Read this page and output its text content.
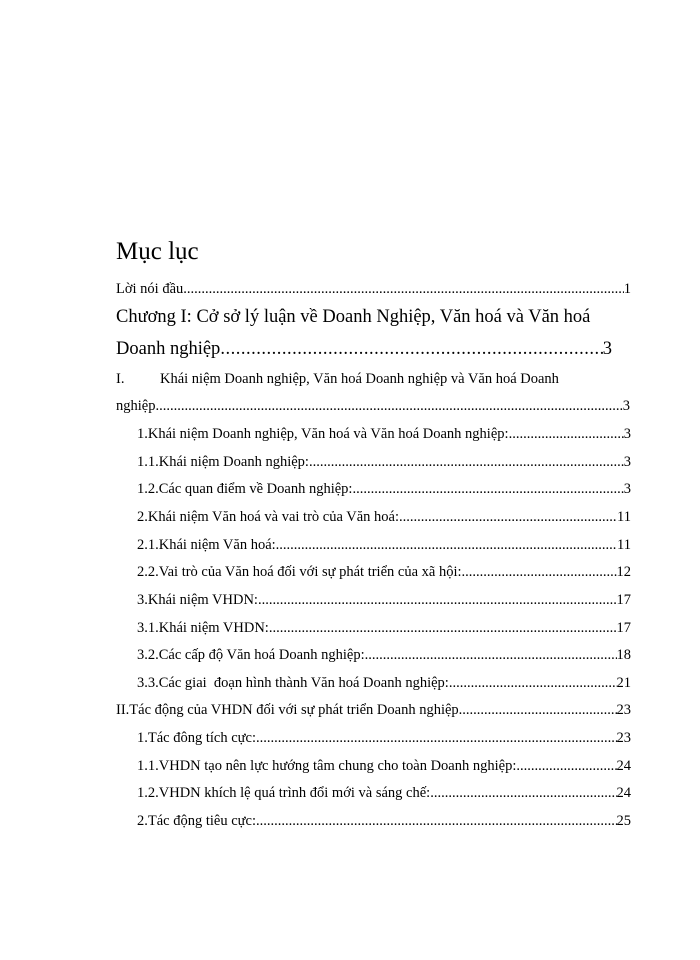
Mục lục
Lời nói đầu .....	1
Chương I: Cở sở lý luận về Doanh Nghiệp, Văn hoá và Văn hoá
Doanh nghiệp .....	3
I. Khái niệm Doanh nghiệp, Văn hoá Doanh nghiệp và Văn hoá Doanh
nghiệp .....	3
1. Khái niệm Doanh nghiệp, Văn hoá và Văn hoá Doanh nghiệp: .....	3
1.1. Khái niệm Doanh nghiệp: .....	3
1.2. Các quan điểm về Doanh nghiệp: .....	3
2. Khái niệm Văn hoá và vai trò của Văn hoá: .....	11
2.1. Khái niệm Văn hoá: .....	11
2.2. Vai trò của Văn hoá đối với sự phát triển của xã hội: .....	12
3. Khái niệm VHDN: .....	17
3.1. Khái niệm VHDN: .....	17
3.2. Các cấp độ Văn hoá Doanh nghiệp: .....	18
3.3. Các giai  đoạn hình thành Văn hoá Doanh nghiệp: .....	21
II. Tác động của VHDN đối với sự phát triển Doanh nghiệp .....	23
1. Tác đông tích cực: .....	23
1.1. VHDN tạo nên lực hướng tâm chung cho toàn Doanh nghiệp: .....	24
1.2. VHDN khích lệ quá trình đổi mới và sáng chế: .....	24
2. Tác động tiêu cực: .....	25
